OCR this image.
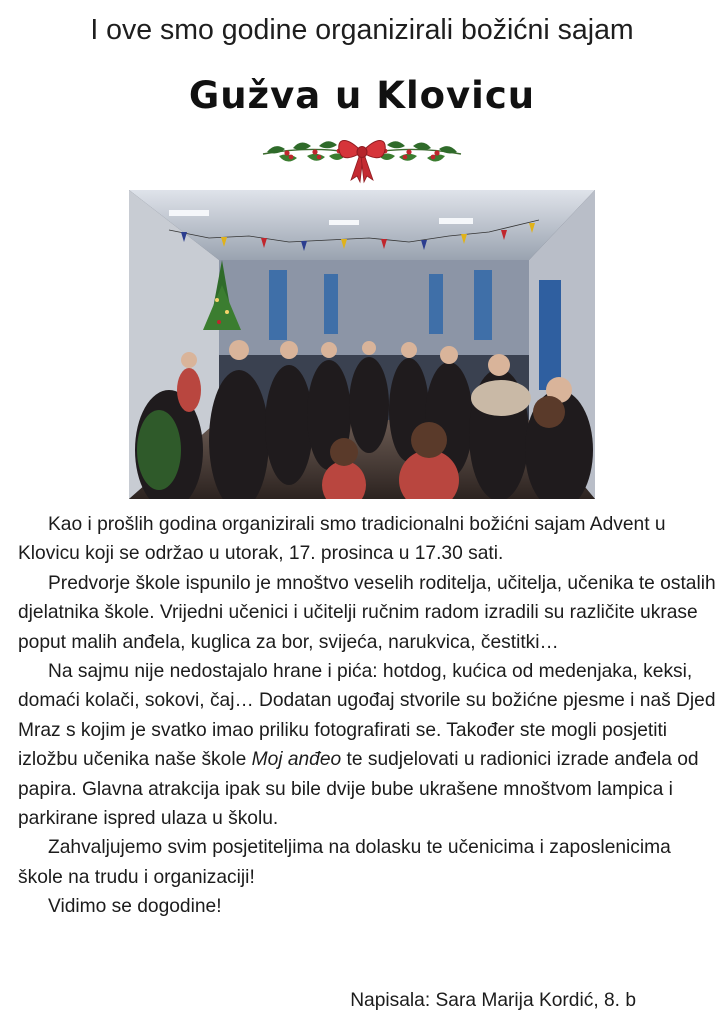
I ove smo godine organizirali božićni sajam
Gužva u Klovicu

Kao i prošlih godina organizirali smo tradicionalni božićni sajam Advent u Klovicu koji se održao u utorak, 17. prosinca u 17.30 sati.

Predvorje škole ispunilo je mnoštvo veselih roditelja, učitelja, učenika te ostalih djelatnika škole. Vrijedni učenici i učitelji ručnim radom izradili su različite ukrase poput malih anđela, kuglica za bor, svijeća, narukvica, čestitki…

Na sajmu nije nedostajalo hrane i pića: hotdog, kućica od medenjaka, keksi, domaći kolači, sokovi, čaj… Dodatan ugođaj stvorile su božićne pjesme i naš Djed Mraz s kojim je svatko imao priliku fotografirati se. Također ste mogli posjetiti izložbu učenika naše škole Moj anđeo te sudjelovati u radionici izrade anđela od papira. Glavna atrakcija ipak su bile dvije bube ukrašene mnoštvom lampica i parkirane ispred ulaza u školu.

Zahvaljujemo svim posjetiteljima na dolasku te učenicima i zaposlenicima škole na trudu i organizaciji!

Vidimo se dogodine!

Napisala: Sara Marija Kordić, 8. b
